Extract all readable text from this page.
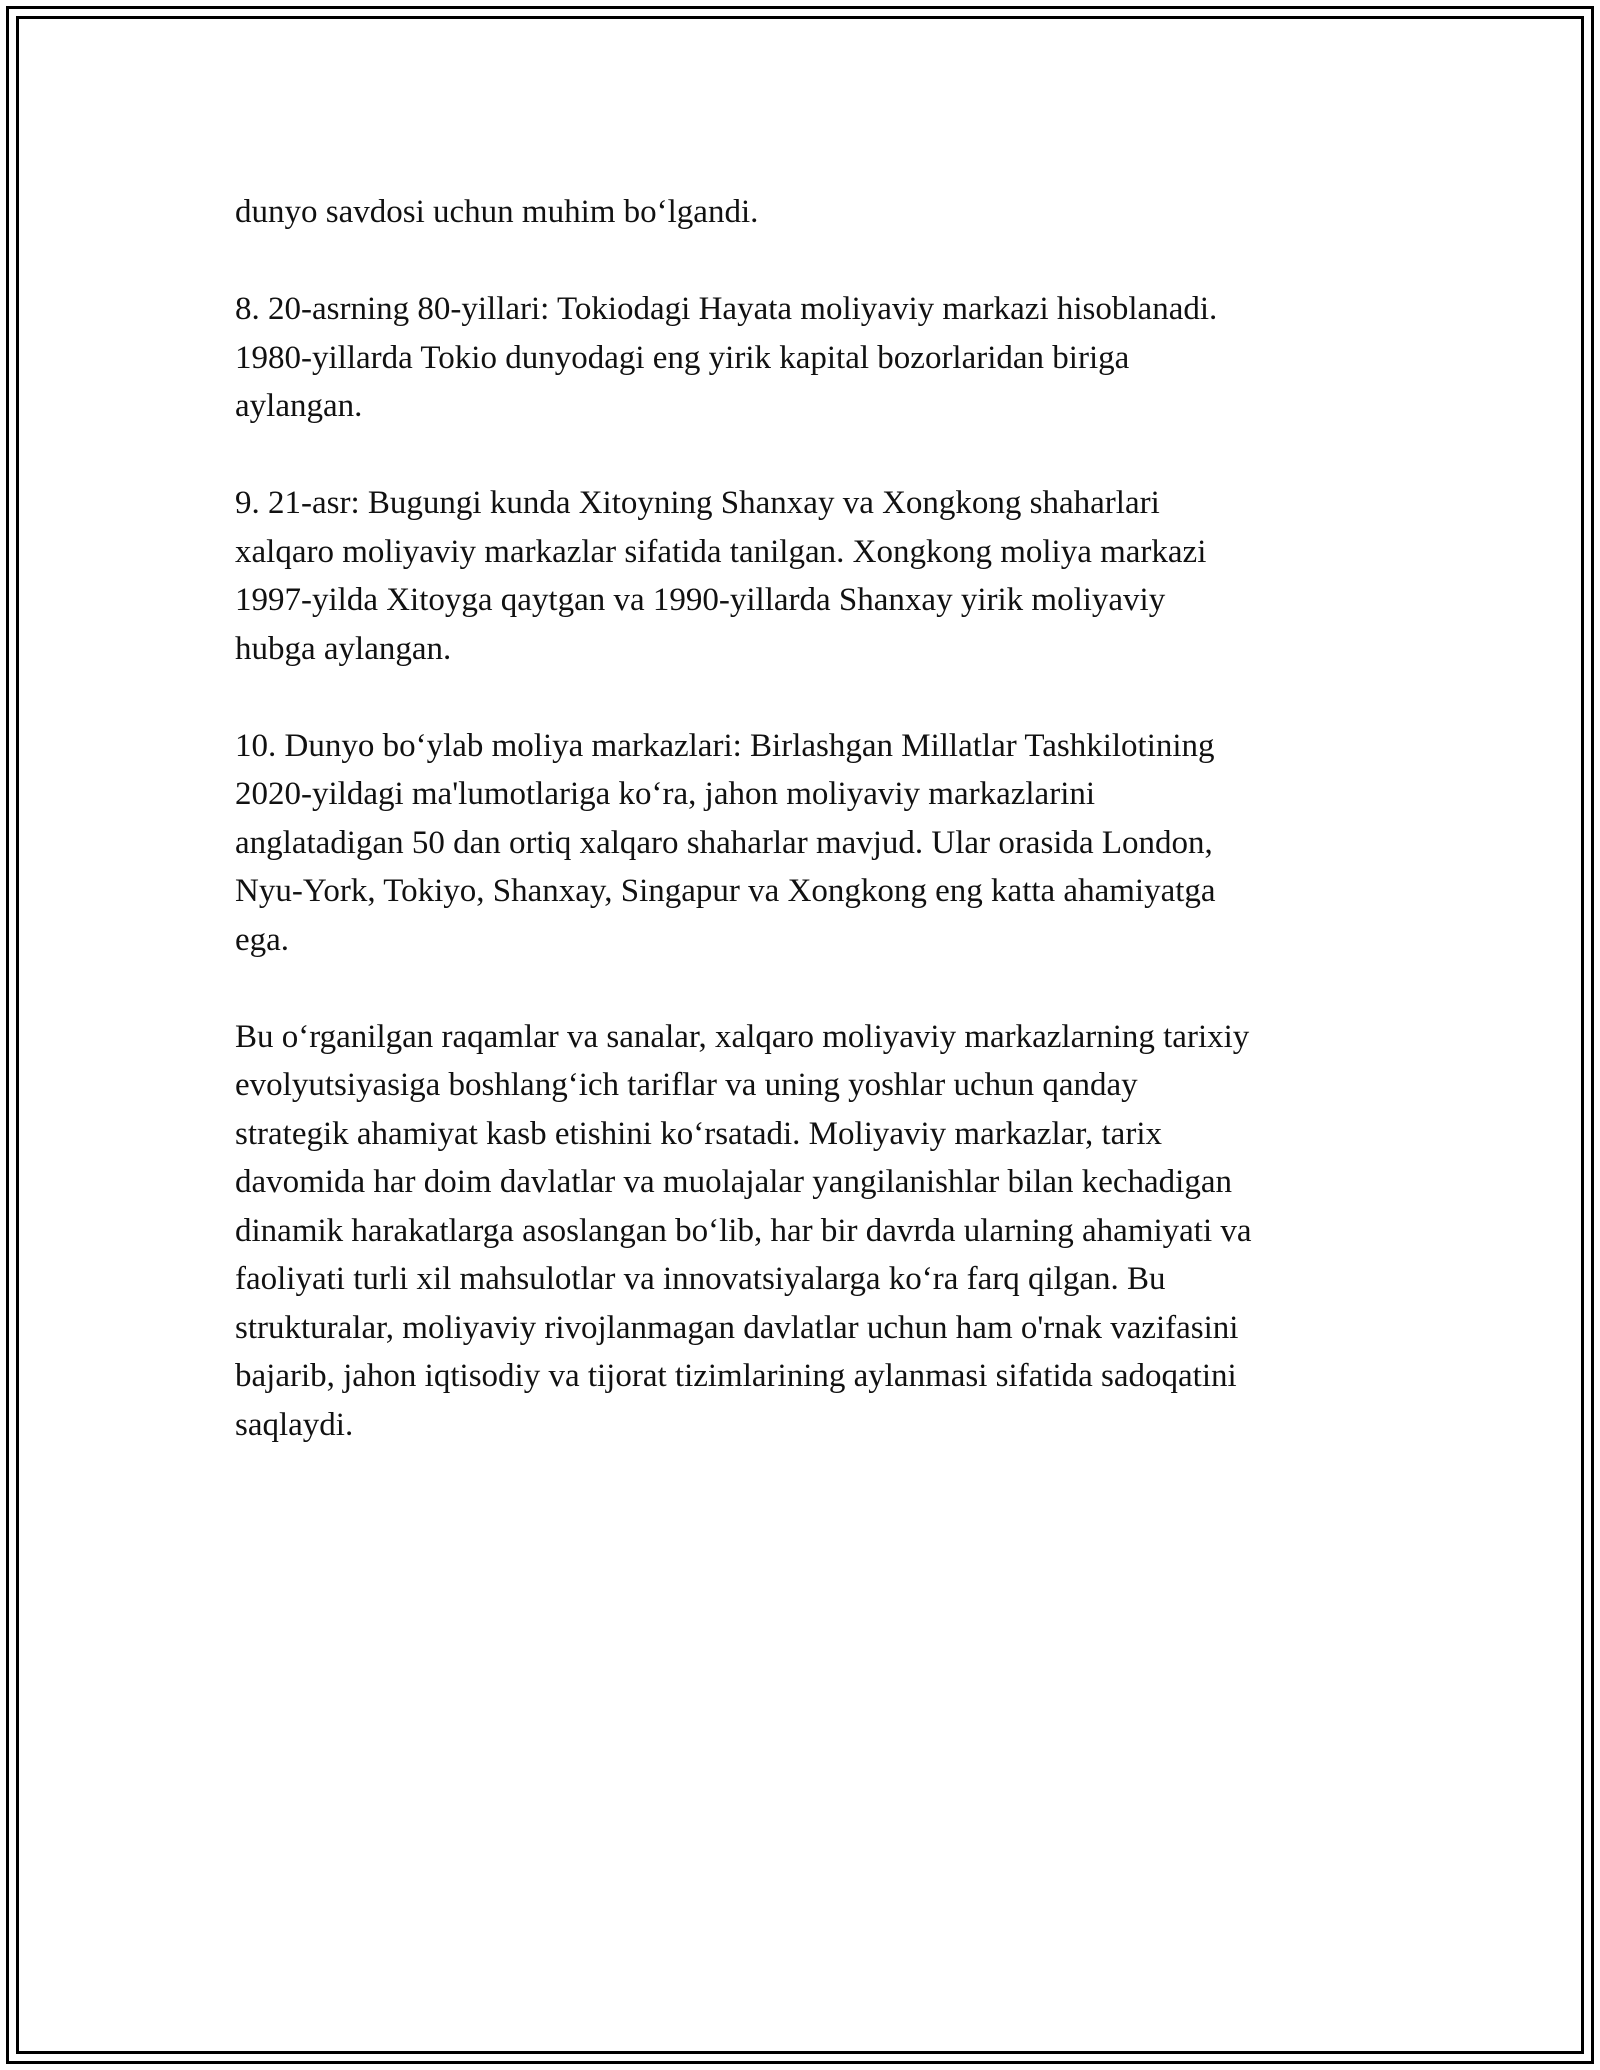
dunyo savdosi uchun muhim bo‘lgandi.

8. 20-asrning 80-yillari: Tokiodagi Hayata moliyaviy markazi hisoblanadi.
1980-yillarda Tokio dunyodagi eng yirik kapital bozorlaridan biriga
aylangan.

9. 21-asr: Bugungi kunda Xitoyning Shanxay va Xongkong shaharlari
xalqaro moliyaviy markazlar sifatida tanilgan. Xongkong moliya markazi
1997-yilda Xitoyga qaytgan va 1990-yillarda Shanxay yirik moliyaviy
hubga aylangan.

10. Dunyo bo‘ylab moliya markazlari: Birlashgan Millatlar Tashkilotining
2020-yildagi ma'lumotlariga ko‘ra, jahon moliyaviy markazlarini
anglatadigan 50 dan ortiq xalqaro shaharlar mavjud. Ular orasida London,
Nyu-York, Tokiyo, Shanxay, Singapur va Xongkong eng katta ahamiyatga
ega.

Bu o‘rganilgan raqamlar va sanalar, xalqaro moliyaviy markazlarning tarixiy
evolyutsiyasiga boshlang‘ich tariflar va uning yoshlar uchun qanday
strategik ahamiyat kasb etishini ko‘rsatadi. Moliyaviy markazlar, tarix
davomida har doim davlatlar va muolajalar yangilanishlar bilan kechadigan
dinamik harakatlarga asoslangan bo‘lib, har bir davrda ularning ahamiyati va
faoliyati turli xil mahsulotlar va innovatsiyalarga ko‘ra farq qilgan. Bu
strukturalar, moliyaviy rivojlanmagan davlatlar uchun ham o'rnak vazifasini
bajarib, jahon iqtisodiy va tijorat tizimlarining aylanmasi sifatida sadoqatini
saqlaydi.
